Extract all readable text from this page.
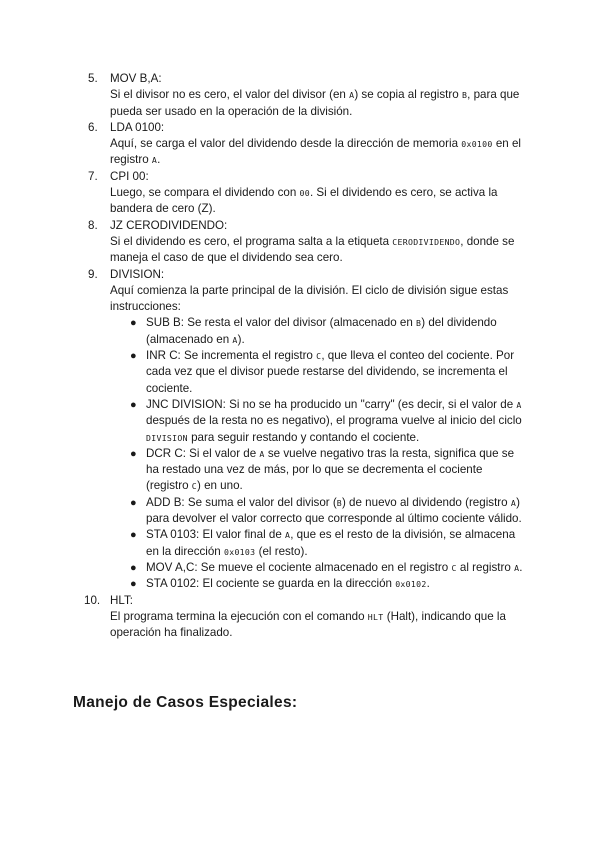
5.	MOV B,A:
Si el divisor no es cero, el valor del divisor (en A) se copia al registro B, para que pueda ser usado en la operación de la división.
6.	LDA 0100:
Aquí, se carga el valor del dividendo desde la dirección de memoria 0x0100 en el registro A.
7.	CPI 00:
Luego, se compara el dividendo con 00. Si el dividendo es cero, se activa la bandera de cero (Z).
8.	JZ CERODIVIDENDO:
Si el dividendo es cero, el programa salta a la etiqueta CERODIVIDENDO, donde se maneja el caso de que el dividendo sea cero.
9.	DIVISION:
Aquí comienza la parte principal de la división. El ciclo de división sigue estas instrucciones:
● SUB B: Se resta el valor del divisor (almacenado en B) del dividendo (almacenado en A).
● INR C: Se incrementa el registro C, que lleva el conteo del cociente. Por cada vez que el divisor puede restarse del dividendo, se incrementa el cociente.
● JNC DIVISION: Si no se ha producido un "carry" (es decir, si el valor de A después de la resta no es negativo), el programa vuelve al inicio del ciclo DIVISION para seguir restando y contando el cociente.
● DCR C: Si el valor de A se vuelve negativo tras la resta, significa que se ha restado una vez de más, por lo que se decrementa el cociente (registro C) en uno.
● ADD B: Se suma el valor del divisor (B) de nuevo al dividendo (registro A) para devolver el valor correcto que corresponde al último cociente válido.
● STA 0103: El valor final de A, que es el resto de la división, se almacena en la dirección 0x0103 (el resto).
● MOV A,C: Se mueve el cociente almacenado en el registro C al registro A.
● STA 0102: El cociente se guarda en la dirección 0x0102.
10. HLT:
El programa termina la ejecución con el comando HLT (Halt), indicando que la operación ha finalizado.
Manejo de Casos Especiales:
